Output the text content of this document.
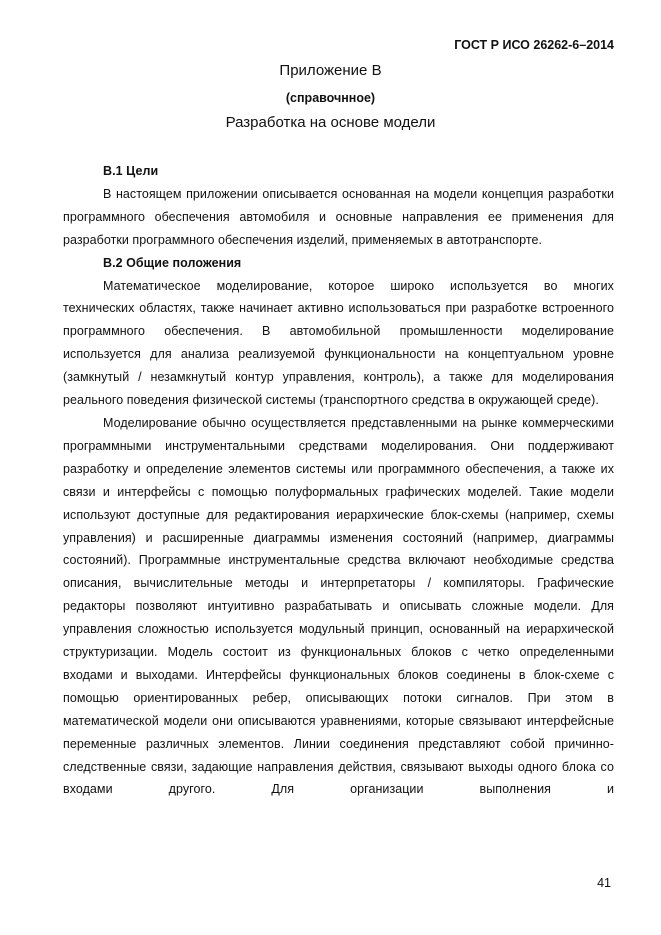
ГОСТ Р ИСО 26262-6–2014
Приложение В
(справочнное)
Разработка на основе модели

В.1 Цели

В настоящем приложении описывается основанная на модели концепция разработки программного обеспечения автомобиля и основные направления ее применения для разработки программного обеспечения изделий, применяемых в автотранспорте.

В.2 Общие положения

Математическое моделирование, которое широко используется во многих технических областях, также начинает активно использоваться при разработке встроенного программного обеспечения. В автомобильной промышленности моделирование используется для анализа реализуемой функциональности на концептуальном уровне (замкнутый / незамкнутый контур управления, контроль), а также для моделирования реального поведения физической системы (транспортного средства в окружающей среде).

Моделирование обычно осуществляется представленными на рынке коммерческими программными инструментальными средствами моделирования. Они поддерживают разработку и определение элементов системы или программного обеспечения, а также их связи и интерфейсы с помощью полуформальных графических моделей. Такие модели используют доступные для редактирования иерархические блок-схемы (например, схемы управления) и расширенные диаграммы изменения состояний (например, диаграммы состояний). Программные инструментальные средства включают необходимые средства описания, вычислительные методы и интерпретаторы / компиляторы. Графические редакторы позволяют интуитивно разрабатывать и описывать сложные модели. Для управления сложностью используется модульный принцип, основанный на иерархической структуризации. Модель состоит из функциональных блоков с четко определенными входами и выходами. Интерфейсы функциональных блоков соединены в блок-схеме с помощью ориентированных ребер, описывающих потоки сигналов. При этом в математической модели они описываются уравнениями, которые связывают интерфейсные переменные различных элементов. Линии соединения представляют собой причинно-следственные связи, задающие направления действия, связывают выходы одного блока со входами другого. Для организации выполнения и

41
